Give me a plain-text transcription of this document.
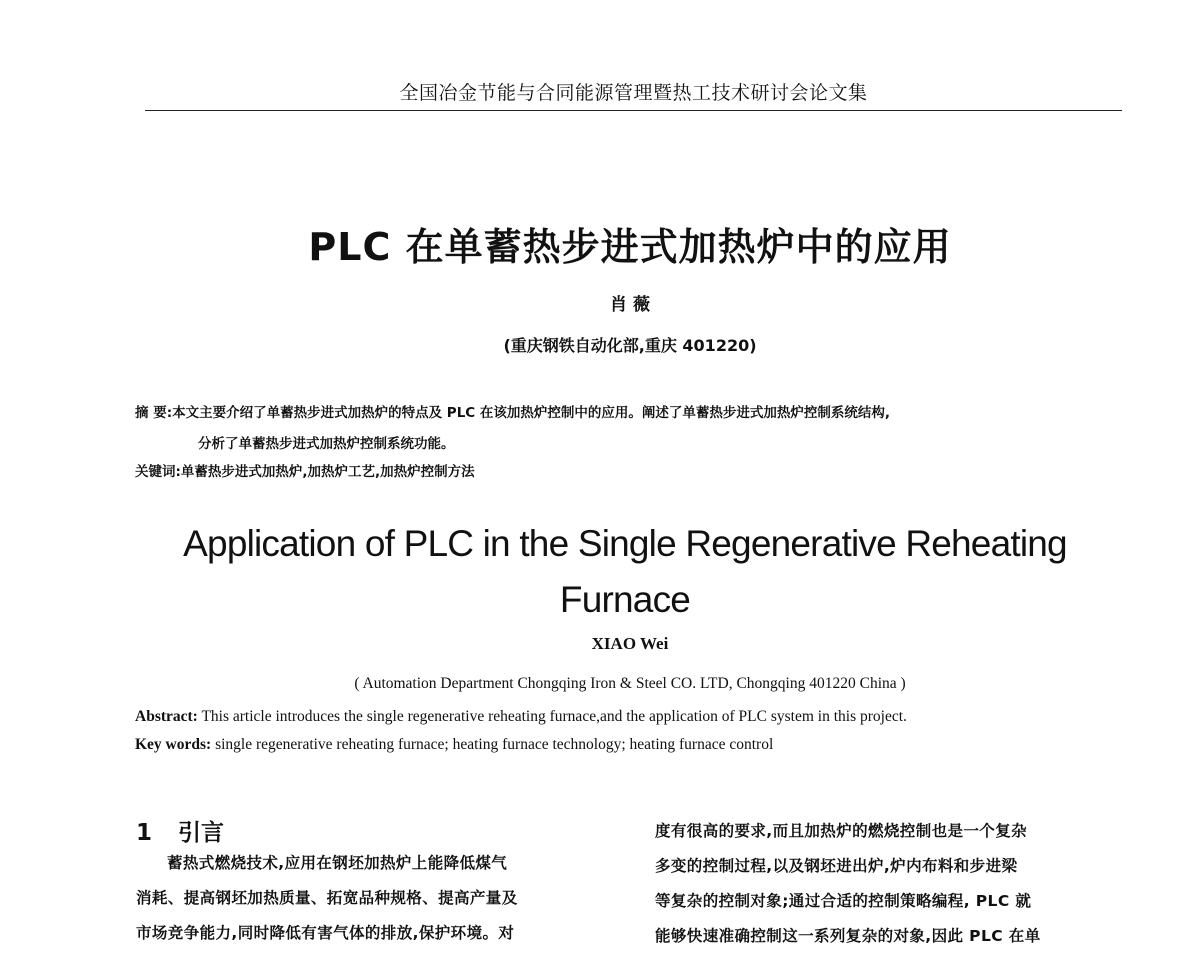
全国冶金节能与合同能源管理暨热工技术研讨会论文集
PLC 在单蓄热步进式加热炉中的应用
肖 薇
(重庆钢铁自动化部,重庆 401220)
摘 要:本文主要介绍了单蓄热步进式加热炉的特点及 PLC 在该加热炉控制中的应用。阐述了单蓄热步进式加热炉控制系统结构,
分析了单蓄热步进式加热炉控制系统功能。
关键词:单蓄热步进式加热炉,加热炉工艺,加热炉控制方法
Application of PLC in the Single Regenerative Reheating Furnace
XIAO Wei
( Automation Department Chongqing Iron & Steel CO. LTD, Chongqing 401220 China )
Abstract: This article introduces the single regenerative reheating furnace,and the application of PLC system in this project.
Key words: single regenerative reheating furnace; heating furnace technology; heating furnace control
1 引言

蓄热式燃烧技术,应用在钢坯加热炉上能降低煤气

消耗、提高钢坯加热质量、拓宽品种规格、提高产量及

市场竞争能力,同时降低有害气体的排放,保护环境。对

度有很高的要求,而且加热炉的燃烧控制也是一个复杂

多变的控制过程,以及钢坯进出炉,炉内布料和步进梁

等复杂的控制对象;通过合适的控制策略编程, PLC 就

能够快速准确控制这一系列复杂的对象,因此 PLC 在单
